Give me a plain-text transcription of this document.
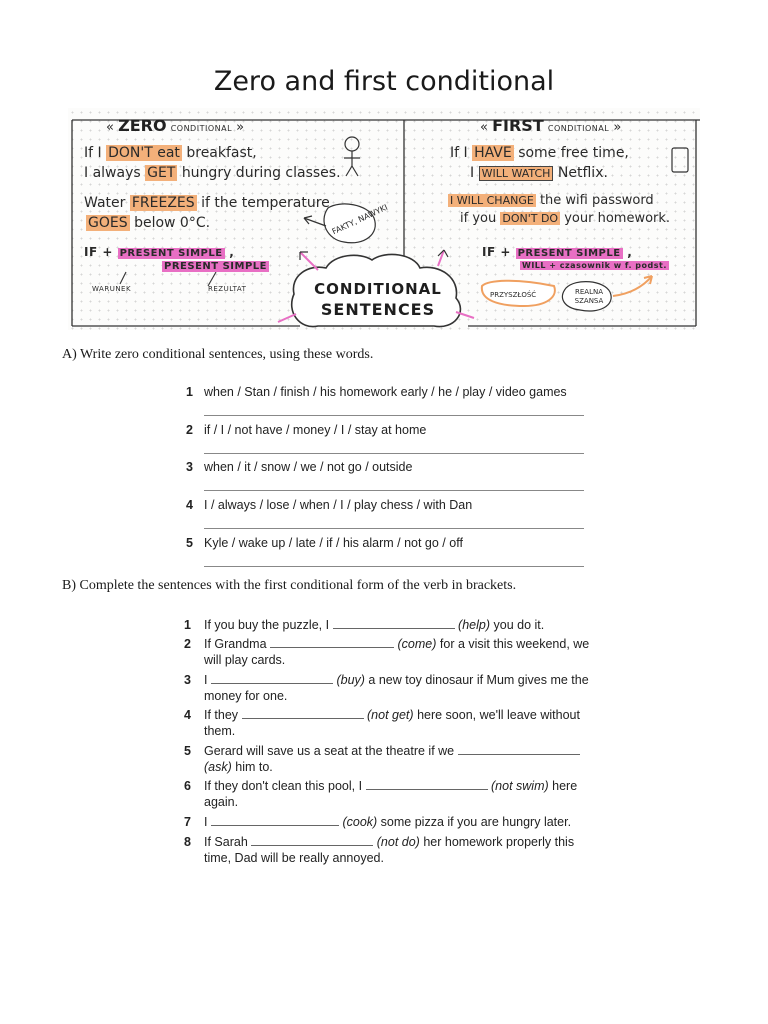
Zero and first conditional
« ZERO CONDITIONAL »
If I DON'T eat breakfast,
I always GET hungry during classes.
Water FREEZES if the temperature
GOES below 0°C.	FAKTY, NAWYKI
IF + PRESENT SIMPLE ,
PRESENT SIMPLE
WARUNEK	REZULTAT
« FIRST CONDITIONAL »
If I HAVE some free time,
I WILL WATCH Netflix.
I WILL CHANGE the wifi password
if you DON'T DO your homework.
IF + PRESENT SIMPLE ,
WILL + czasownik w f. podst.
PRZYSZŁOŚĆ	REALNA SZANSA
CONDITIONAL
SENTENCES
A) Write zero conditional sentences, using these words.
1 when / Stan / finish / his homework early / he / play / video games
2 if / I / not have / money / I / stay at home
3 when / it / snow / we / not go / outside
4 I / always / lose / when / I / play chess / with Dan
5 Kyle / wake up / late / if / his alarm / not go / off
B) Complete the sentences with the first conditional form of the verb in brackets.
1 If you buy the puzzle, I	(help) you do it.
2 If Grandma	(come) for a visit this weekend, we will play cards.
3 I	(buy) a new toy dinosaur if Mum gives me the money for one.
4 If they	(not get) here soon, we'll leave without them.
5 Gerard will save us a seat at the theatre if we  (ask) him to.
6 If they don't clean this pool, I	(not swim) here again.
7 I	(cook) some pizza if you are hungry later.
8 If Sarah	(not do) her homework properly this time, Dad will be really annoyed.
